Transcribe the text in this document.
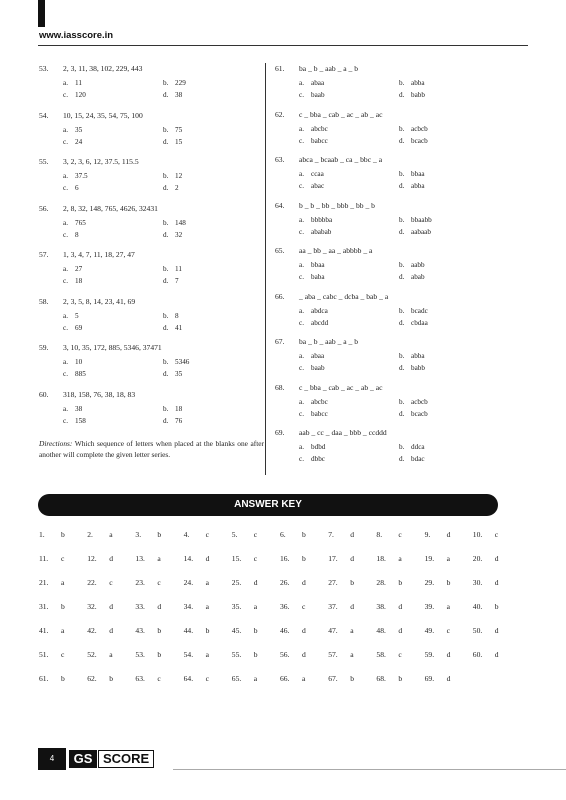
www.iasscore.in
53. 2, 3, 11, 38, 102, 229, 443
a. 11	b. 229
c. 120	d. 38
54. 10, 15, 24, 35, 54, 75, 100
a. 35	b. 75
c. 24	d. 15
55. 3, 2, 3, 6, 12, 37.5, 115.5
a. 37.5	b. 12
c. 6	d. 2
56. 2, 8, 32, 148, 765, 4626, 32431
a. 765	b. 148
c. 8	d. 32
57. 1, 3, 4, 7, 11, 18, 27, 47
a. 27	b. 11
c. 18	d. 7
58. 2, 3, 5, 8, 14, 23, 41, 69
a. 5	b. 8
c. 69	d. 41
59. 3, 10, 35, 172, 885, 5346, 37471
a. 10	b. 5346
c. 885	d. 35
60. 318, 158, 76, 38, 18, 83
a. 38	b. 18
c. 158	d. 76
61. ba _ b _ aab _ a _ b
a. abaa	b. abba
c. baab	d. babb
62. c _ bba _ cab _ ac _ ab _ ac
a. abcbc	b. acbcb
c. babcc	d. bcacb
63. abca _ bcaab _ ca _ bbc _ a
a. ccaa	b. bbaa
c. abac	d. abba
64. b _ b _ bb _ bbb _ bb _ b
a. bbbbba	b. bbaabb
c. ababab	d. aabaab
65. aa _ bb _ aa _ abbbb _ a
a. bbaa	b. aabb
c. baba	d. abab
66. _ aba _ cabc _ dcba _ bab _ a
a. abdca	b. bcadc
c. abcdd	d. cbdaa
67. ba _ b _ aab _ a _ b
a. abaa	b. abba
c. baab	d. babb
68. c _ bba _ cab _ ac _ ab _ ac
a. abcbc	b. acbcb
c. babcc	d. bcacb
69. aab _ cc _ daa _ bbb _ ccddd
a. bdbd	b. ddca
c. dbbc	d. bdac
Directions: Which sequence of letters when placed at the blanks one after another will complete the given letter series.
ANSWER KEY
1. b	2. a	3. b	4. c	5. c	6. b	7. d	8. c	9. d	10. c
11. c	12. d	13. a	14. d	15. c	16. b	17. d	18. a	19. a	20. d
21. a	22. c	23. c	24. a	25. d	26. d	27. b	28. b	29. b	30. d
31. b	32. d	33. d	34. a	35. a	36. c	37. d	38. d	39. a	40. b
41. a	42. d	43. b	44. b	45. b	46. d	47. a	48. d	49. c	50. d
51. c	52. a	53. b	54. a	55. b	56. d	57. a	58. c	59. d	60. d
61. b	62. b	63. c	64. c	65. a	66. a	67. b	68. b	69. d
4	GS SCORE
